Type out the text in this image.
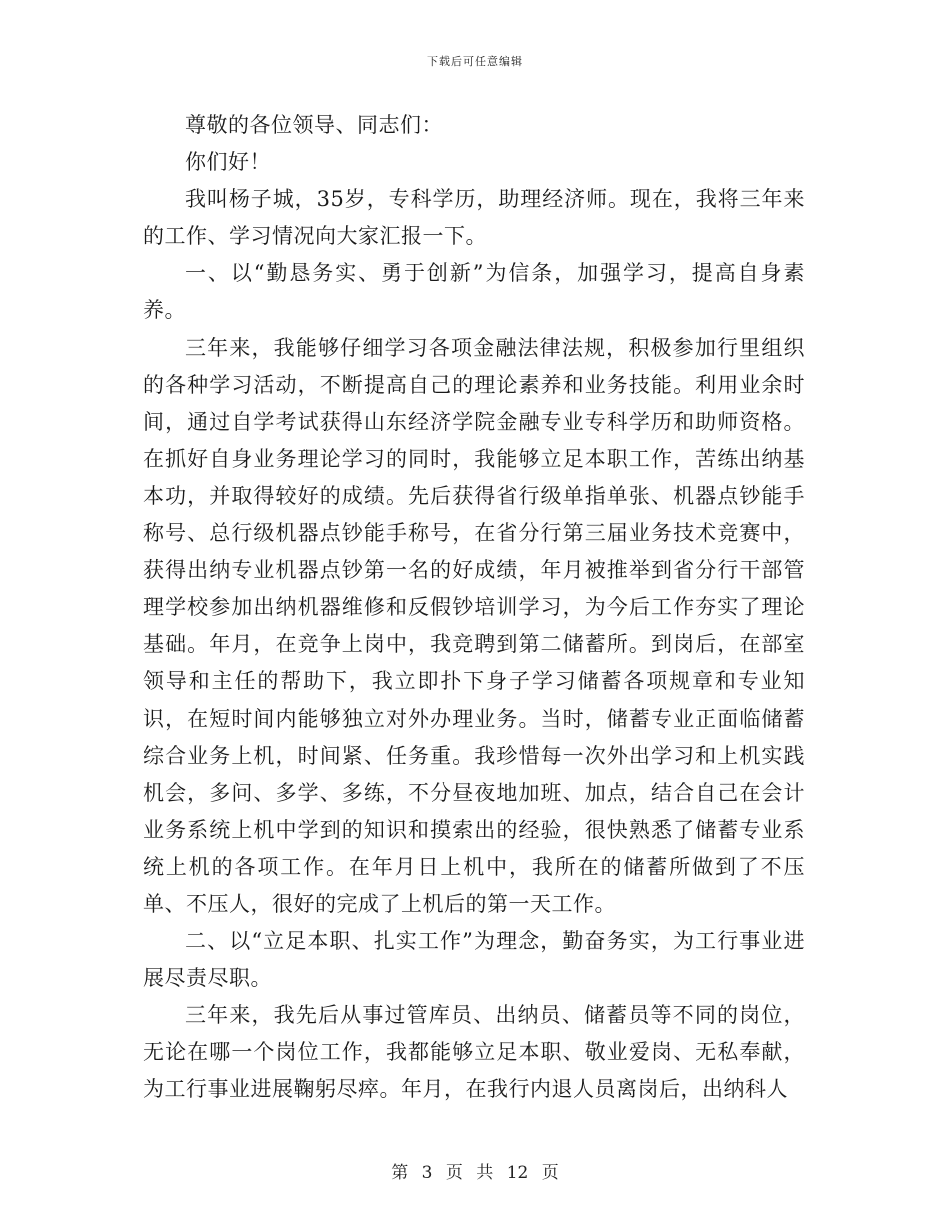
下载后可任意编辑

尊敬的各位领导、同志们：

你们好！

我叫杨子城，35岁，专科学历，助理经济师。现在，我将三年来的工作、学习情况向大家汇报一下。

一、以“勤恳务实、勇于创新”为信条，加强学习，提高自身素养。

三年来，我能够仔细学习各项金融法律法规，积极参加行里组织的各种学习活动，不断提高自己的理论素养和业务技能。利用业余时间，通过自学考试获得山东经济学院金融专业专科学历和助师资格。在抓好自身业务理论学习的同时，我能够立足本职工作，苦练出纳基本功，并取得较好的成绩。先后获得省行级单指单张、机器点钞能手称号、总行级机器点钞能手称号，在省分行第三届业务技术竞赛中，获得出纳专业机器点钞第一名的好成绩，年月被推举到省分行干部管理学校参加出纳机器维修和反假钞培训学习，为今后工作夯实了理论基础。年月，在竞争上岗中，我竞聘到第二储蓄所。到岗后，在部室领导和主任的帮助下，我立即扑下身子学习储蓄各项规章和专业知识，在短时间内能够独立对外办理业务。当时，储蓄专业正面临储蓄综合业务上机，时间紧、任务重。我珍惜每一次外出学习和上机实践机会，多问、多学、多练，不分昼夜地加班、加点，结合自己在会计业务系统上机中学到的知识和摸索出的经验，很快熟悉了储蓄专业系统上机的各项工作。在年月日上机中，我所在的储蓄所做到了不压单、不压人，很好的完成了上机后的第一天工作。

二、以“立足本职、扎实工作”为理念，勤奋务实，为工行事业进展尽责尽职。

三年来，我先后从事过管库员、出纳员、储蓄员等不同的岗位，无论在哪一个岗位工作，我都能够立足本职、敬业爱岗、无私奉献，为工行事业进展鞠躬尽瘁。年月，在我行内退人员离岗后，出纳科人

第 3 页 共 12 页
